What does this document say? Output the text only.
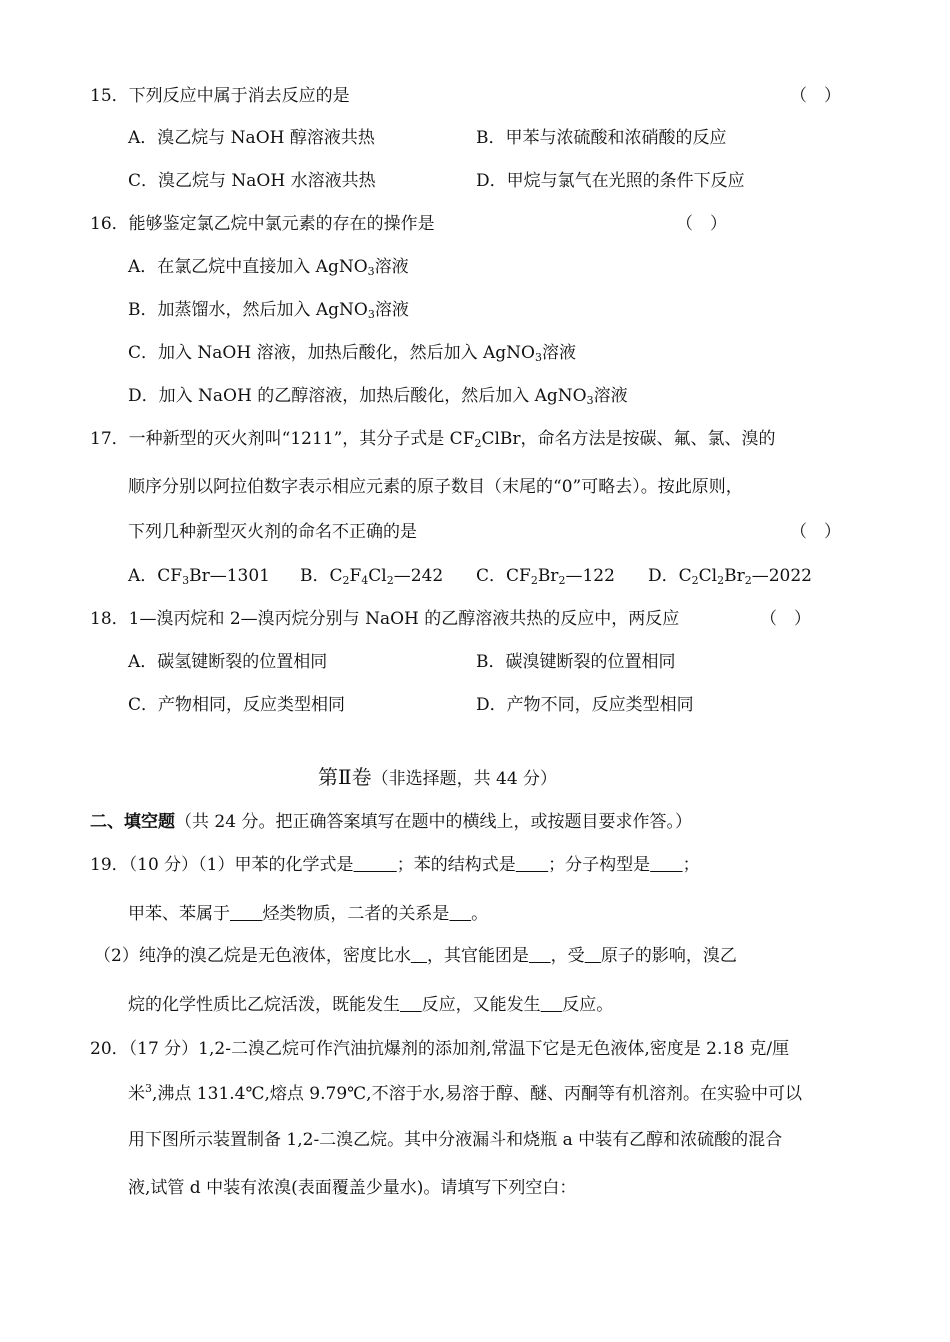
15．下列反应中属于消去反应的是	（　）
A．溴乙烷与 NaOH 醇溶液共热	B．甲苯与浓硫酸和浓硝酸的反应
C．溴乙烷与 NaOH 水溶液共热	D．甲烷与氯气在光照的条件下反应
16．能够鉴定氯乙烷中氯元素的存在的操作是	（　）
A．在氯乙烷中直接加入 AgNO$_3$溶液
B．加蒸馏水，然后加入 AgNO$_3$溶液
C．加入 NaOH 溶液，加热后酸化，然后加入 AgNO$_3$溶液
D．加入 NaOH 的乙醇溶液，加热后酸化，然后加入 AgNO$_3$溶液
17．一种新型的灭火剂叫“1211”，其分子式是 $CF_2ClBr$，命名方法是按碳、氟、氯、溴的
顺序分别以阿拉伯数字表示相应元素的原子数目（末尾的“0”可略去）。按此原则，
下列几种新型灭火剂的命名不正确的是	（　）
A．$CF_3Br—1301$ B．$C_2F_4Cl_2—242$ C．$CF_2Br_2—122$ D．$C_2Cl_2Br_2—2022$
18．1—溴丙烷和 2—溴丙烷分别与 NaOH 的乙醇溶液共热的反应中，两反应	（　）
A．碳氢键断裂的位置相同	B．碳溴键断裂的位置相同
C．产物相同，反应类型相同	D．产物不同，反应类型相同
第Ⅱ卷（非选择题，共 44 分）
二、填空题（共 24 分。把正确答案填写在题中的横线上，或按题目要求作答。）
19．（10 分）（1）甲苯的化学式是	；苯的结构式是 ；分子构型是 ；
甲苯、苯属于 烃类物质，二者的关系是 。
（2）纯净的溴乙烷是无色液体，密度比水 ，其官能团是 ，受 原子的影响，溴乙
烷的化学性质比乙烷活泼，既能发生 反应，又能发生 反应。
20．（17 分）1,2-二溴乙烷可作汽油抗爆剂的添加剂,常温下它是无色液体,密度是 2.18 克/厘
米$^3$,沸点 131.4℃,熔点 9.79℃,不溶于水,易溶于醇、醚、丙酮等有机溶剂。在实验中可以
用下图所示装置制备 1,2-二溴乙烷。其中分液漏斗和烧瓶 a 中装有乙醇和浓硫酸的混合
液,试管 d 中装有浓溴(表面覆盖少量水)。请填写下列空白：
